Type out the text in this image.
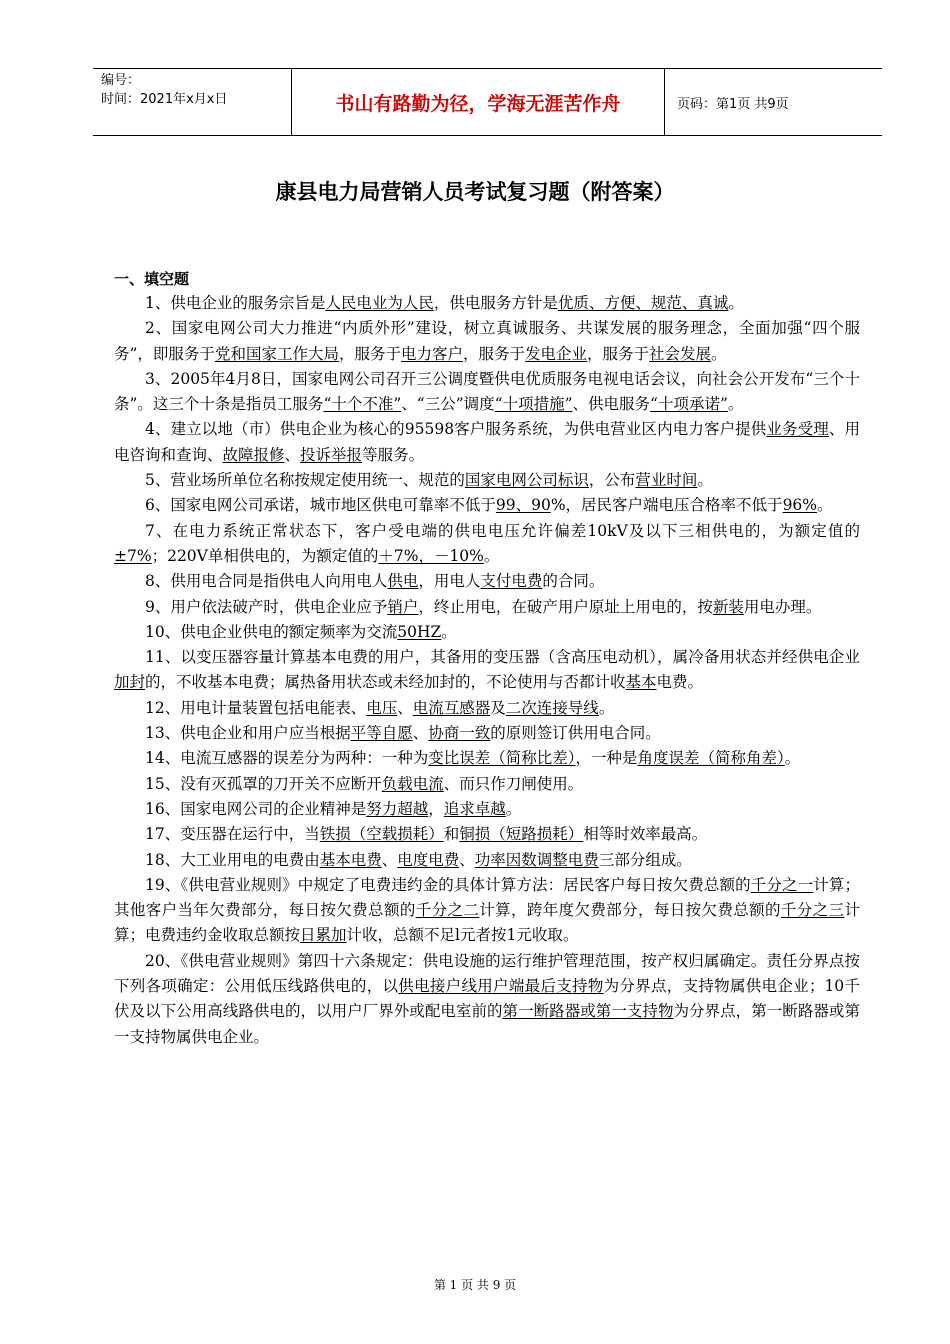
编号：
时间：2021年x月x日	书山有路勤为径，学海无涯苦作舟	页码：第1页 共9页
康县电力局营销人员考试复习题（附答案）
一、填空题

1、供电企业的服务宗旨是人民电业为人民，供电服务方针是优质、方便、规范、真诚。

2、国家电网公司大力推进“内质外形”建设，树立真诚服务、共谋发展的服务理念，全面加强“四个服务”，即服务于党和国家工作大局，服务于电力客户，服务于发电企业，服务于社会发展。

3、2005年4月8日，国家电网公司召开三公调度暨供电优质服务电视电话会议，向社会公开发布“三个十条”。这三个十条是指员工服务“十个不准”、“三公”调度“十项措施”、供电服务“十项承诺”。

4、建立以地（市）供电企业为核心的95598客户服务系统，为供电营业区内电力客户提供业务受理、用电咨询和查询、故障报修、投诉举报等服务。

5、营业场所单位名称按规定使用统一、规范的国家电网公司标识，公布营业时间。

6、国家电网公司承诺，城市地区供电可靠率不低于99、90%，居民客户端电压合格率不低于96%。

7、在电力系统正常状态下，客户受电端的供电电压允许偏差10kV及以下三相供电的，为额定值的±7%；220V单相供电的，为额定值的＋7%，－10%。

8、供用电合同是指供电人向用电人供电，用电人支付电费的合同。

9、用户依法破产时，供电企业应予销户，终止用电，在破产用户原址上用电的，按新装用电办理。

10、供电企业供电的额定频率为交流50HZ。

11、以变压器容量计算基本电费的用户，其备用的变压器（含高压电动机），属冷备用状态并经供电企业加封的，不收基本电费；属热备用状态或未经加封的，不论使用与否都计收基本电费。

12、用电计量装置包括电能表、电压、电流互感器及二次连接导线。

13、供电企业和用户应当根据平等自愿、协商一致的原则签订供用电合同。

14、电流互感器的误差分为两种：一种为变比误差（简称比差），一种是角度误差（简称角差）。

15、没有灭孤罩的刀开关不应断开负载电流、而只作刀闸使用。

16、国家电网公司的企业精神是努力超越，追求卓越。

17、变压器在运行中，当铁损（空载损耗）和铜损（短路损耗）相等时效率最高。

18、大工业用电的电费由基本电费、电度电费、功率因数调整电费三部分组成。

19、《供电营业规则》中规定了电费违约金的具体计算方法：居民客户每日按欠费总额的千分之一计算；其他客户当年欠费部分，每日按欠费总额的千分之二计算，跨年度欠费部分，每日按欠费总额的千分之三计算；电费违约金收取总额按日累加计收，总额不足l元者按1元收取。

20、《供电营业规则》第四十六条规定：供电设施的运行维护管理范围，按产权归属确定。责任分界点按下列各项确定：公用低压线路供电的，以供电接户线用户端最后支持物为分界点，支持物属供电企业；10千伏及以下公用高线路供电的，以用户厂界外或配电室前的第一断路器或第一支持物为分界点，第一断路器或第一支持物属供电企业。

第 1 页 共 9 页
